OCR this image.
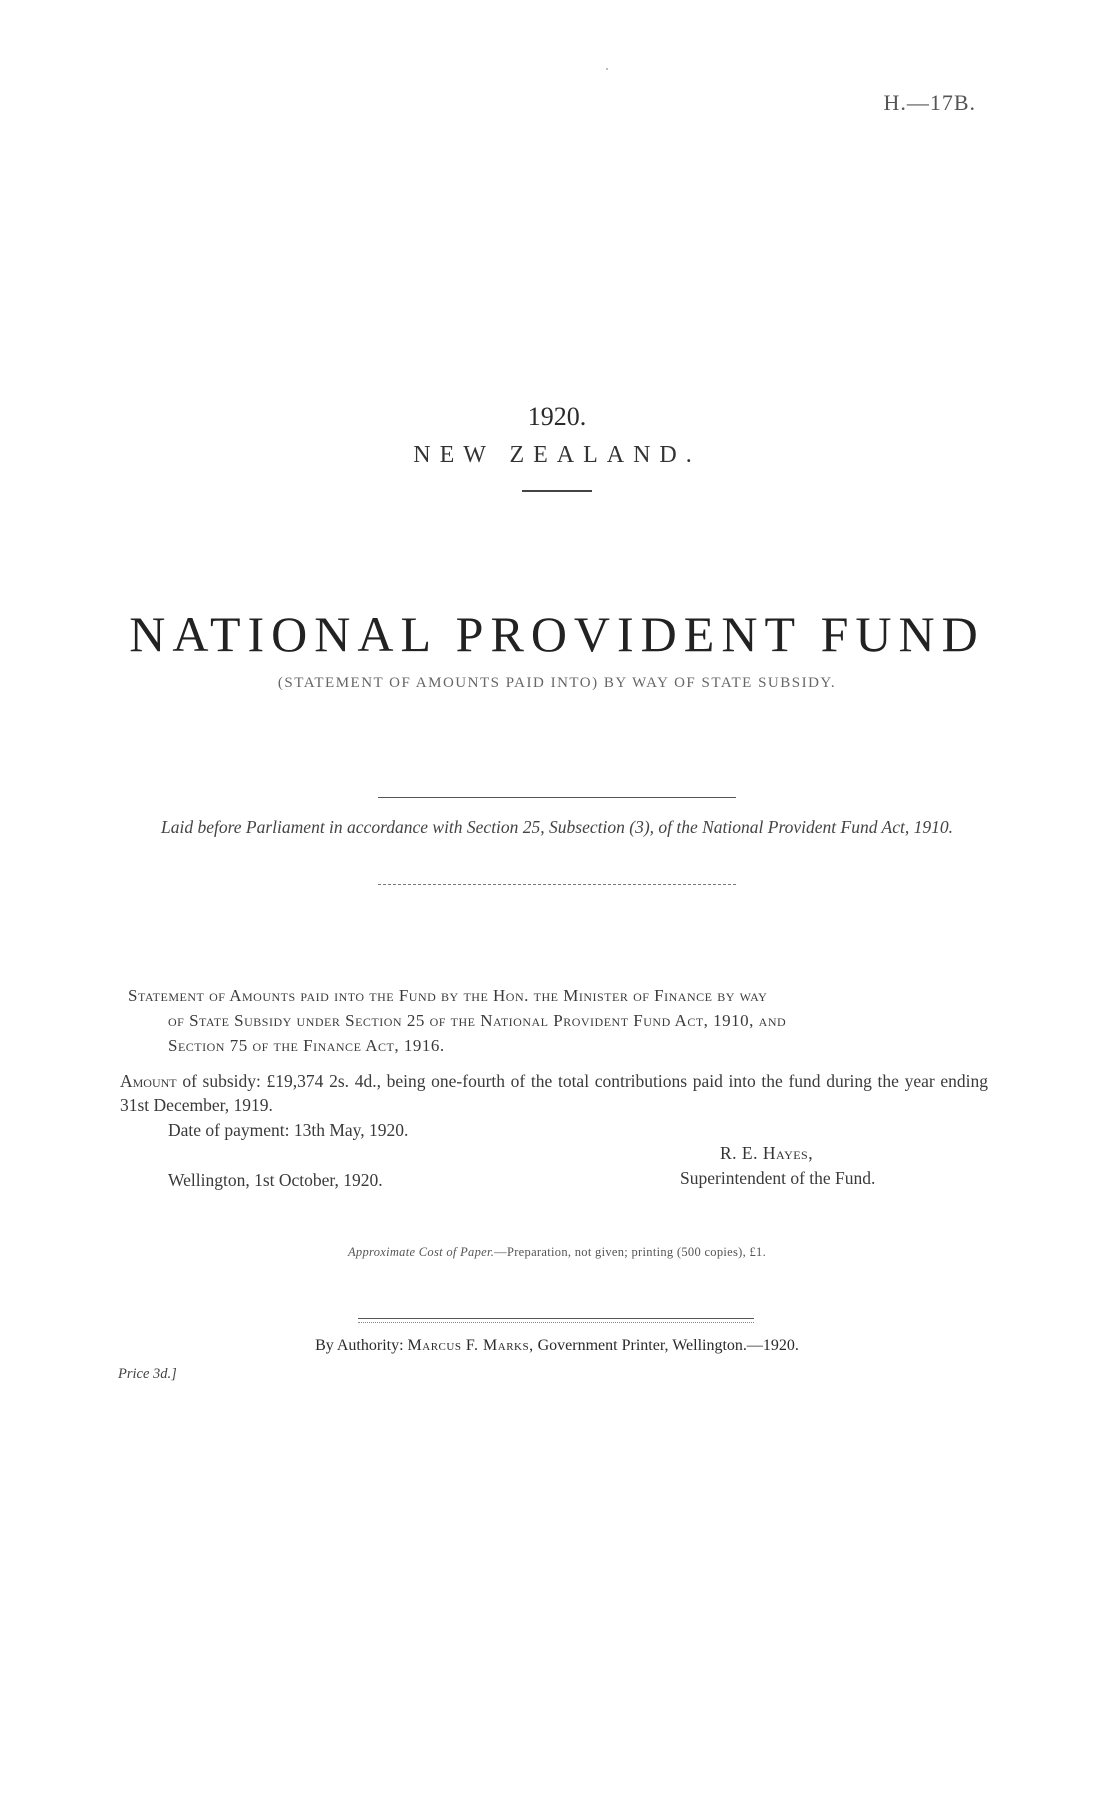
H.—17B.
1920.
NEW ZEALAND.
NATIONAL PROVIDENT FUND
(STATEMENT OF AMOUNTS PAID INTO) BY WAY OF STATE SUBSIDY.
Laid before Parliament in accordance with Section 25, Subsection (3), of the National Provident Fund Act, 1910.
Statement of Amounts paid into the Fund by the Hon. the Minister of Finance by way
of State Subsidy under Section 25 of the National Provident Fund Act, 1910, and
Section 75 of the Finance Act, 1916.
Amount of subsidy: £19,374 2s. 4d., being one-fourth of the total contributions paid into the fund during the year ending 31st December, 1919.
Date of payment: 13th May, 1920.
R. E. Hayes,
Superintendent of the Fund.
Wellington, 1st October, 1920.
Approximate Cost of Paper.—Preparation, not given; printing (500 copies), £1.
By Authority: Marcus F. Marks, Government Printer, Wellington.—1920.
Price 3d.]
